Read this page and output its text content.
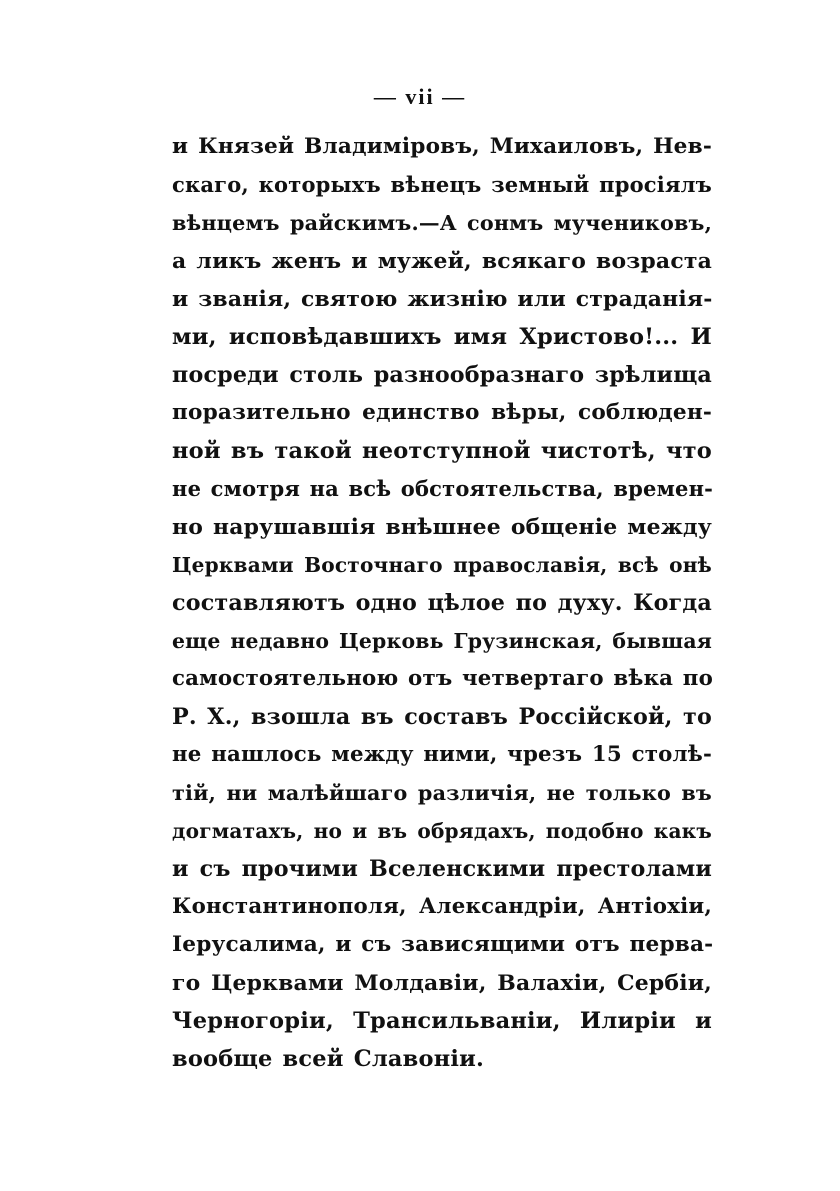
— vii —
и Князей Владиміровъ, Михаиловъ, Нев-
скаго, которыхъ вѣнецъ земный просіялъ
вѣнцемъ райскимъ.—А сонмъ мучениковъ,
а ликъ женъ и мужей, всякаго возраста
и званія, святою жизнію или страданія-
ми, исповѣдавшихъ имя Христово!... И
посреди столь разнообразнаго зрѣлища
поразительно единство вѣры, соблюден-
ной въ такой неотступной чистотѣ, что
не смотря на всѣ обстоятельства, времен-
но нарушавшія внѣшнее общеніе между
Церквами Восточнаго православія, всѣ онѣ
составляютъ одно цѣлое по духу. Когда
еще недавно Церковь Грузинская, бывшая
самостоятельною отъ четвертаго вѣка по
Р. Х., взошла въ составъ Россійской, то
не нашлось между ними, чрезъ 15 столѣ-
тій, ни малѣйшаго различія, не только въ
догматахъ, но и въ обрядахъ, подобно какъ
и съ прочими Вселенскими престолами
Константинополя, Александріи, Антіохіи,
Іерусалима, и съ зависящими отъ перва-
го Церквами Молдавіи, Валахіи, Сербіи,
Черногоріи, Трансильваніи, Илиріи и
вообще всей Славоніи.
